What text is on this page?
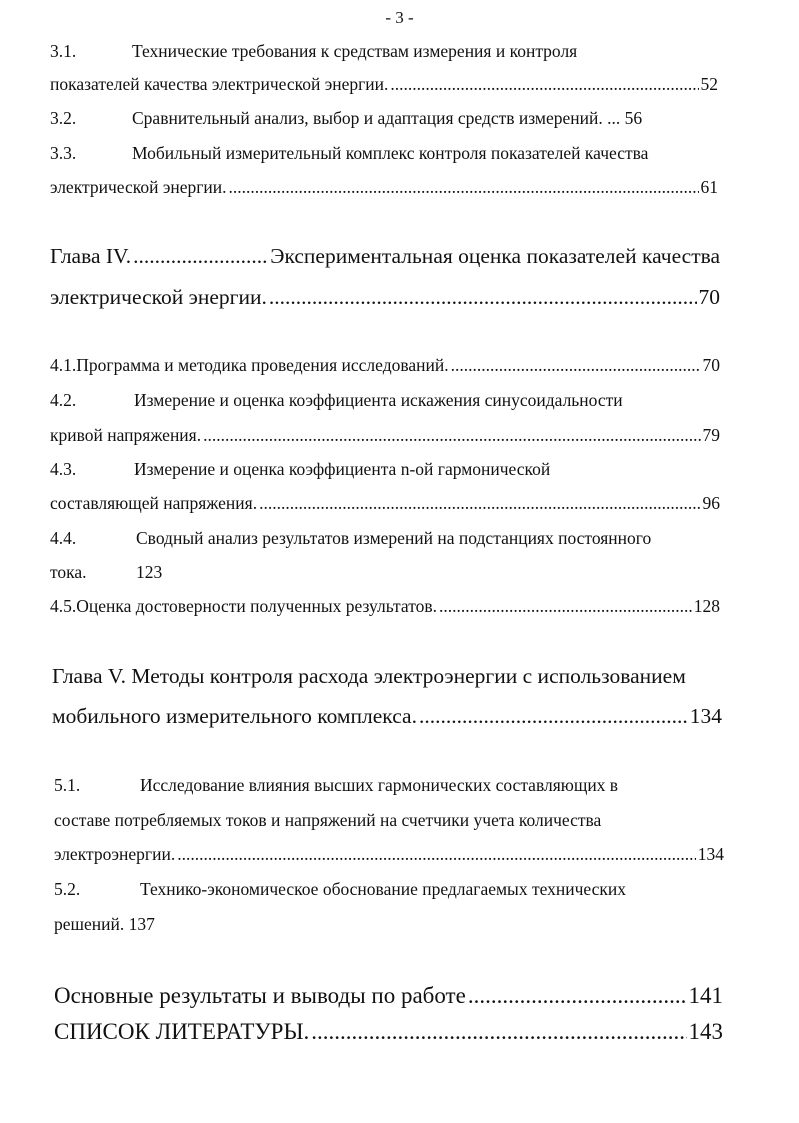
- 3 -
3.1.	Технические требования к средствам измерения и контроля
показателей качества электрической энергии. .....	52
3.2.	Сравнительный анализ, выбор и адаптация средств измерений. ... 56
3.3.	Мобильный измерительный комплекс контроля показателей качества
электрической энергии. .....	61
Глава IV. .....	Экспериментальная оценка показателей качества
электрической энергии. .....	70
4.1. Программа и методика проведения исследований. .....	70
4.2.	Измерение и оценка коэффициента искажения синусоидальности
кривой напряжения. .....	79
4.3.	Измерение и оценка коэффициента n-ой гармонической
составляющей напряжения. .....	96
4.4.	Сводный анализ результатов измерений на подстанциях постоянного
тока.	123
4.5. Оценка достоверности полученных результатов. .....	128
Глава V. Методы контроля расхода электроэнергии с использованием
мобильного измерительного комплекса. .....	134
5.1.	Исследование влияния высших гармонических составляющих в
составе потребляемых токов и напряжений на счетчики учета количества
электроэнергии. .....	134
5.2.	Технико-экономическое обоснование предлагаемых технических
решений. 137
Основные результаты и выводы по работе .....	141
СПИСОК ЛИТЕРАТУРЫ. .....	143
